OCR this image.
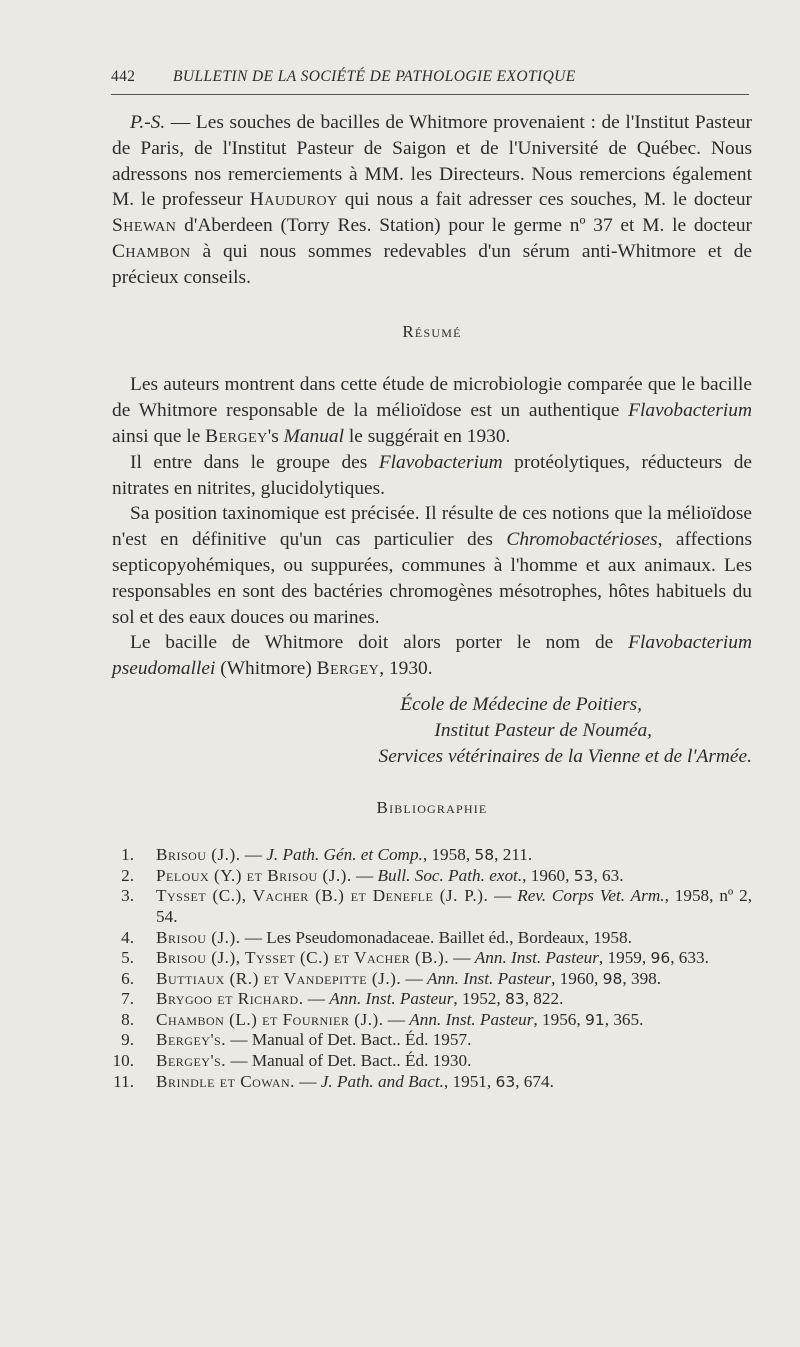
442 BULLETIN DE LA SOCIÉTÉ DE PATHOLOGIE EXOTIQUE

P.-S. — Les souches de bacilles de Whitmore provenaient : de l'Institut Pasteur de Paris, de l'Institut Pasteur de Saigon et de l'Université de Québec. Nous adressons nos remerciements à MM. les Directeurs. Nous remercions également M. le professeur Hauduroy qui nous a fait adresser ces souches, M. le docteur Shewan d'Aberdeen (Torry Res. Station) pour le germe nº 37 et M. le docteur Chambon à qui nous sommes redevables d'un sérum anti-Whitmore et de précieux conseils.

Résumé

Les auteurs montrent dans cette étude de microbiologie comparée que le bacille de Whitmore responsable de la mélioïdose est un authentique Flavobacterium ainsi que le Bergey's Manual le suggérait en 1930.

Il entre dans le groupe des Flavobacterium protéolytiques, réducteurs de nitrates en nitrites, glucidolytiques.

Sa position taxinomique est précisée. Il résulte de ces notions que la mélioïdose n'est en définitive qu'un cas particulier des Chromobactérioses, affections septicopyohémiques, ou suppurées, communes à l'homme et aux animaux. Les responsables en sont des bactéries chromogènes mésotrophes, hôtes habituels du sol et des eaux douces ou marines.

Le bacille de Whitmore doit alors porter le nom de Flavobacterium pseudomallei (Whitmore) Bergey, 1930.

École de Médecine de Poitiers,
Institut Pasteur de Nouméa,
Services vétérinaires de la Vienne et de l'Armée.
Bibliographie
1 . Brisou (J.). — J. Path. Gén. et Comp., 1958, 58, 211.
2 . Peloux (Y.) et Brisou (J.). — Bull. Soc. Path. exot., 1960, 53, 63.
3 . Tysset (C.), Vacher (B.) et Denefle (J. P.). — Rev. Corps Vet. Arm., 1958, nº 2, 54.
4 . Brisou (J.). — Les Pseudomonadaceae. Baillet éd., Bordeaux, 1958.
5 . Brisou (J.), Tysset (C.) et Vacher (B.). — Ann. Inst. Pasteur, 1959, 96, 633.
6 . Buttiaux (R.) et Vandepitte (J.). — Ann. Inst. Pasteur, 1960, 98, 398.
7 . Brygoo et Richard. — Ann. Inst. Pasteur, 1952, 83, 822.
8 . Chambon (L.) et Fournier (J.). — Ann. Inst. Pasteur, 1956, 91, 365.
9 . Bergey's. — Manual of Det. Bact.. Éd. 1957.
10 . Bergey's. — Manual of Det. Bact.. Éd. 1930.
11 . Brindle et Cowan. — J. Path. and Bact., 1951, 63, 674.
